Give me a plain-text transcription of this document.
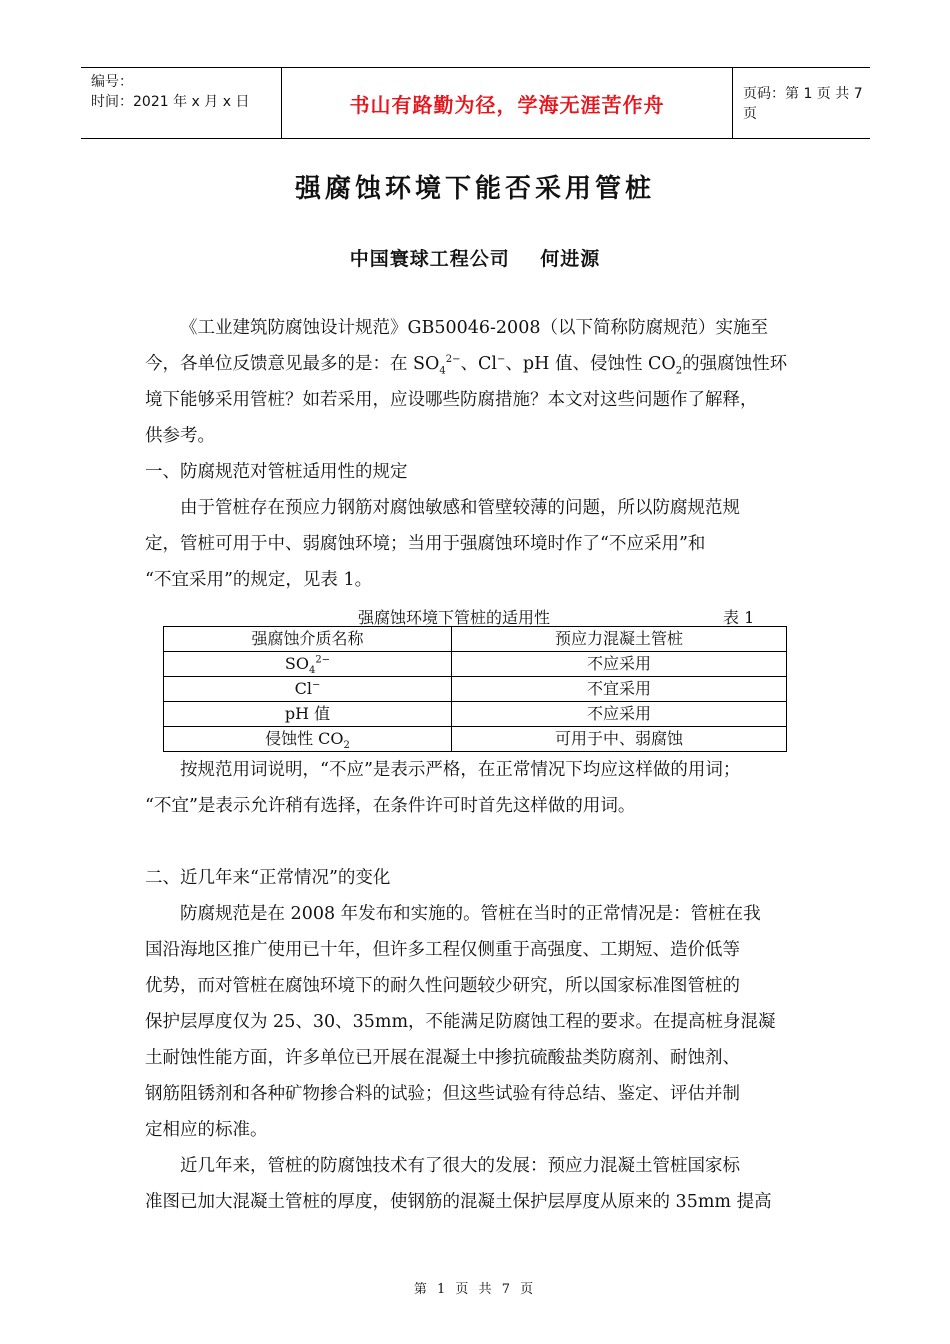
编号：
时间：2021 年 x 月 x 日	书山有路勤为径，学海无涯苦作舟	页码：第 1 页 共 7 页
强腐蚀环境下能否采用管桩
中国寰球工程公司    何进源
《工业建筑防腐蚀设计规范》GB50046-2008（以下简称防腐规范）实施至
今，各单位反馈意见最多的是：在 $SO_4^{2-}$、Cl−、pH 值、侵蚀性 $CO_2$的强腐蚀性环
境下能够采用管桩？如若采用，应设哪些防腐措施？本文对这些问题作了解释，
供参考。
一、防腐规范对管桩适用性的规定
由于管桩存在预应力钢筋对腐蚀敏感和管壁较薄的问题，所以防腐规范规
定，管桩可用于中、弱腐蚀环境；当用于强腐蚀环境时作了“不应采用”和
“不宜采用”的规定，见表 1。
强腐蚀环境下管桩的适用性	表 1
强腐蚀介质名称	预应力混凝土管桩
$SO_4^{2-}$	不应采用
Cl−	不宜采用
pH 值	不应采用
侵蚀性 $CO_2$	可用于中、弱腐蚀
按规范用词说明，“不应”是表示严格，在正常情况下均应这样做的用词；
“不宜”是表示允许稍有选择，在条件许可时首先这样做的用词。
二、近几年来“正常情况”的变化
防腐规范是在 2008 年发布和实施的。管桩在当时的正常情况是：管桩在我
国沿海地区推广使用已十年，但许多工程仅侧重于高强度、工期短、造价低等
优势，而对管桩在腐蚀环境下的耐久性问题较少研究，所以国家标准图管桩的
保护层厚度仅为 25、30、35mm，不能满足防腐蚀工程的要求。在提高桩身混凝
土耐蚀性能方面，许多单位已开展在混凝土中掺抗硫酸盐类防腐剂、耐蚀剂、
钢筋阻锈剂和各种矿物掺合料的试验；但这些试验有待总结、鉴定、评估并制
定相应的标准。
近几年来，管桩的防腐蚀技术有了很大的发展：预应力混凝土管桩国家标
准图已加大混凝土管桩的厚度，使钢筋的混凝土保护层厚度从原来的 35mm 提高
第 1 页 共 7 页
